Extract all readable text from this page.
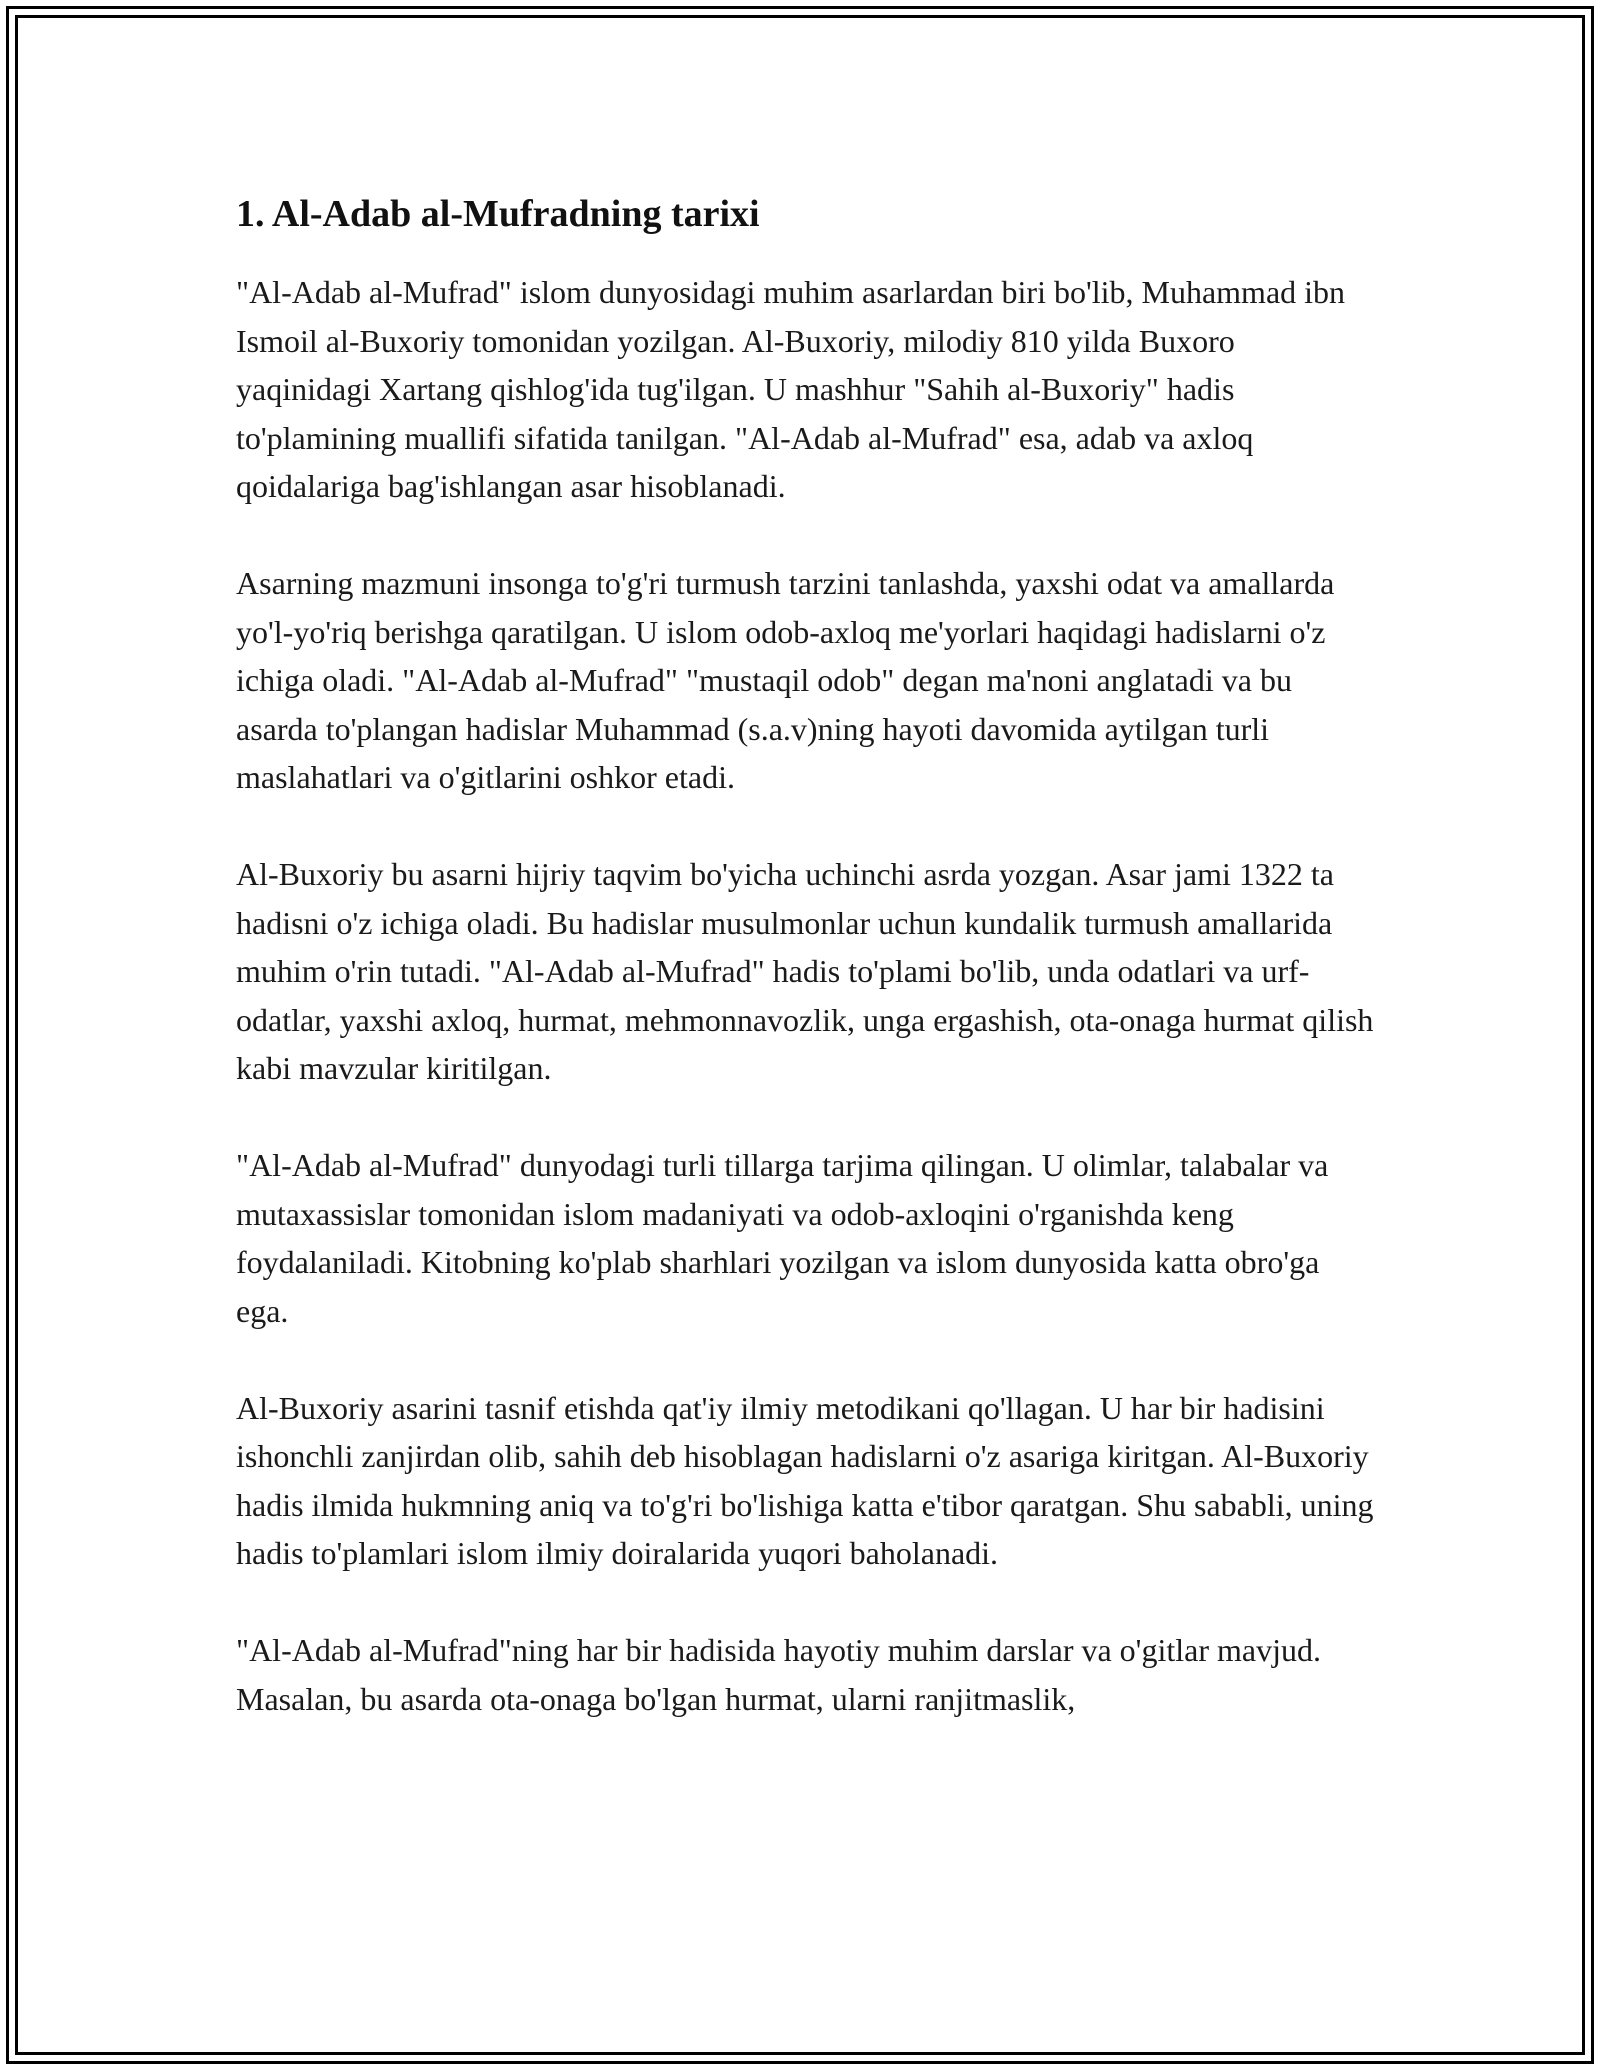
1. Al-Adab al-Mufradning tarixi

"Al-Adab al-Mufrad" islom dunyosidagi muhim asarlardan biri bo'lib, Muhammad ibn Ismoil al-Buxoriy tomonidan yozilgan. Al-Buxoriy, milodiy 810 yilda Buxoro yaqinidagi Xartang qishlog'ida tug'ilgan. U mashhur "Sahih al-Buxoriy" hadis to'plamining muallifi sifatida tanilgan. "Al-Adab al-Mufrad" esa, adab va axloq qoidalariga bag'ishlangan asar hisoblanadi.

Asarning mazmuni insonga to'g'ri turmush tarzini tanlashda, yaxshi odat va amallarda yo'l-yo'riq berishga qaratilgan. U islom odob-axloq me'yorlari haqidagi hadislarni o'z ichiga oladi. "Al-Adab al-Mufrad" "mustaqil odob" degan ma'noni anglatadi va bu asarda to'plangan hadislar Muhammad (s.a.v)ning hayoti davomida aytilgan turli maslahatlari va o'gitlarini oshkor etadi.

Al-Buxoriy bu asarni hijriy taqvim bo'yicha uchinchi asrda yozgan. Asar jami 1322 ta hadisni o'z ichiga oladi. Bu hadislar musulmonlar uchun kundalik turmush amallarida muhim o'rin tutadi. "Al-Adab al-Mufrad" hadis to'plami bo'lib, unda odatlari va urf-odatlar, yaxshi axloq, hurmat, mehmonnavozlik, unga ergashish, ota-onaga hurmat qilish kabi mavzular kiritilgan.

"Al-Adab al-Mufrad" dunyodagi turli tillarga tarjima qilingan. U olimlar, talabalar va mutaxassislar tomonidan islom madaniyati va odob-axloqini o'rganishda keng foydalaniladi. Kitobning ko'plab sharhlari yozilgan va islom dunyosida katta obro'ga ega.

Al-Buxoriy asarini tasnif etishda qat'iy ilmiy metodikani qo'llagan. U har bir hadisini ishonchli zanjirdan olib, sahih deb hisoblagan hadislarni o'z asariga kiritgan. Al-Buxoriy hadis ilmida hukmning aniq va to'g'ri bo'lishiga katta e'tibor qaratgan. Shu sababli, uning hadis to'plamlari islom ilmiy doiralarida yuqori baholanadi.

"Al-Adab al-Mufrad"ning har bir hadisida hayotiy muhim darslar va o'gitlar mavjud. Masalan, bu asarda ota-onaga bo'lgan hurmat, ularni ranjitmaslik,
